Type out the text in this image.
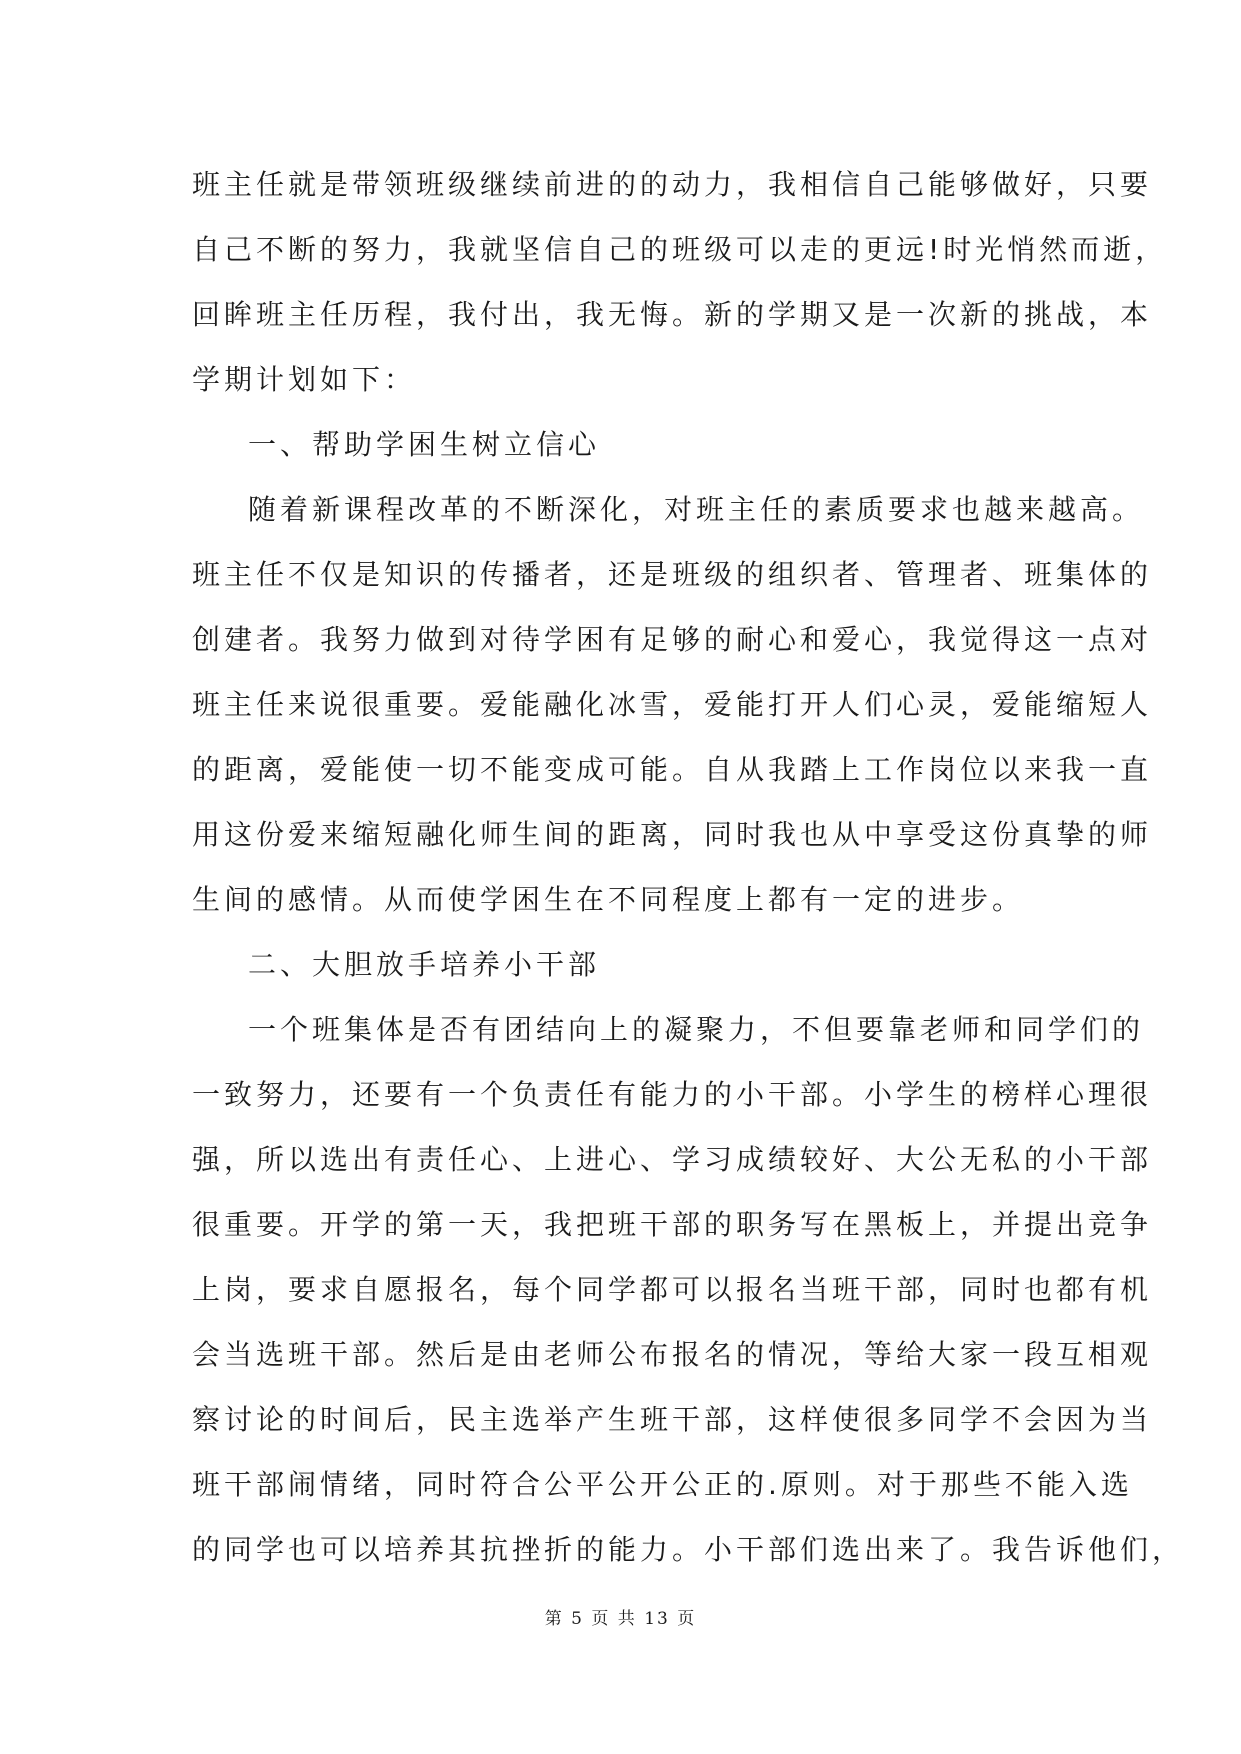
班主任就是带领班级继续前进的的动力，我相信自己能够做好，只要
自己不断的努力，我就坚信自己的班级可以走的更远!时光悄然而逝，
回眸班主任历程，我付出，我无悔。新的学期又是一次新的挑战，本
学期计划如下：
一、帮助学困生树立信心
随着新课程改革的不断深化，对班主任的素质要求也越来越高。
班主任不仅是知识的传播者，还是班级的组织者、管理者、班集体的
创建者。我努力做到对待学困有足够的耐心和爱心，我觉得这一点对
班主任来说很重要。爱能融化冰雪，爱能打开人们心灵，爱能缩短人
的距离，爱能使一切不能变成可能。自从我踏上工作岗位以来我一直
用这份爱来缩短融化师生间的距离，同时我也从中享受这份真挚的师
生间的感情。从而使学困生在不同程度上都有一定的进步。
二、大胆放手培养小干部
一个班集体是否有团结向上的凝聚力，不但要靠老师和同学们的
一致努力，还要有一个负责任有能力的小干部。小学生的榜样心理很
强，所以选出有责任心、上进心、学习成绩较好、大公无私的小干部
很重要。开学的第一天，我把班干部的职务写在黑板上，并提出竞争
上岗，要求自愿报名，每个同学都可以报名当班干部，同时也都有机
会当选班干部。然后是由老师公布报名的情况，等给大家一段互相观
察讨论的时间后，民主选举产生班干部，这样使很多同学不会因为当
班干部闹情绪，同时符合公平公开公正的.原则。对于那些不能入选
的同学也可以培养其抗挫折的能力。小干部们选出来了。我告诉他们，
第 5 页 共 13 页
